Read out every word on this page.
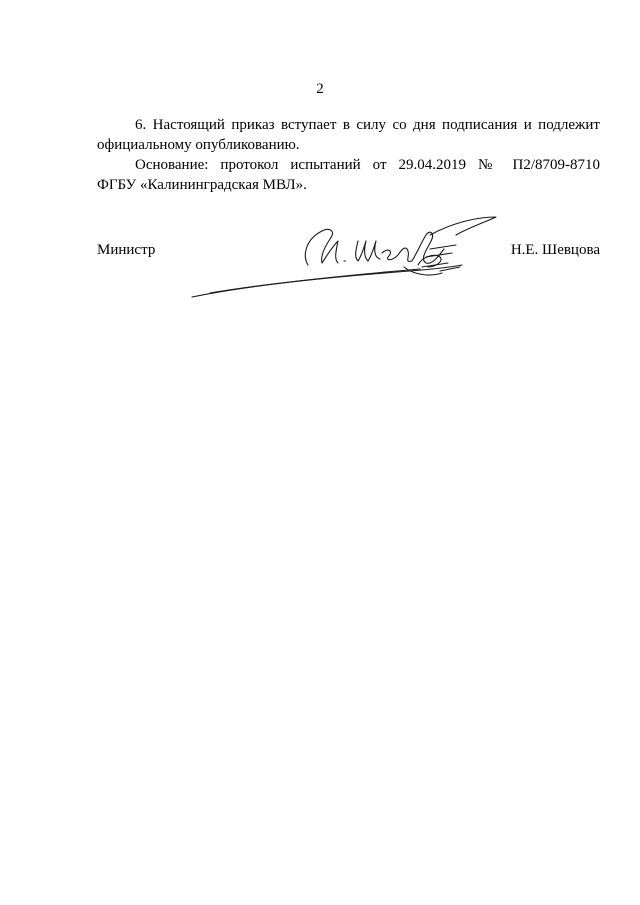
2

6. Настоящий приказ вступает в силу со дня подписания и подлежит
официальному опубликованию.

Основание: протокол испытаний от 29.04.2019 № П2/8709-8710
ФГБУ «Калининградская МВЛ».

Министр	Н.Е. Шевцова
